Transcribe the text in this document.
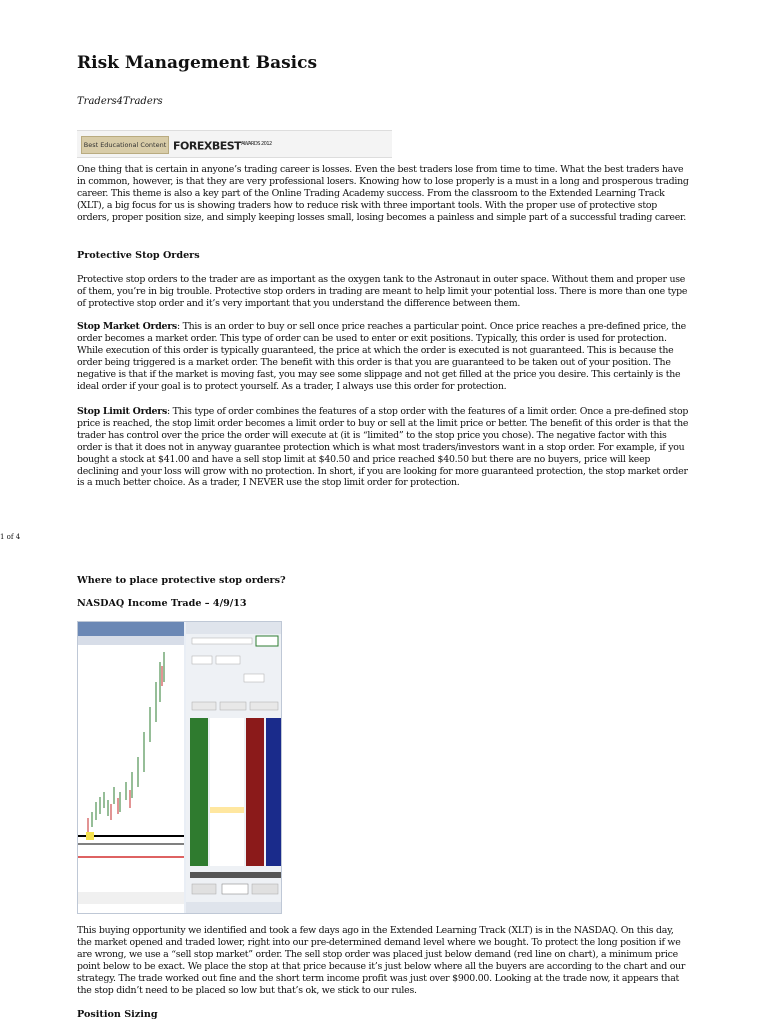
Risk Management Basics
Traders4Traders
Best Educational Content $FOREXBEST^{AWARDS 2012}$

One thing that is certain in anyone’s trading career is losses. Even the best traders lose from time to time. What the best traders have in common, however, is that they are very professional losers. Knowing how to lose properly is a must in a long and prosperous trading career. This theme is also a key part of the Online Trading Academy success. From the classroom to the Extended Learning Track (XLT), a big focus for us is showing traders how to reduce risk with three important tools. With the proper use of protective stop orders, proper position size, and simply keeping losses small, losing becomes a painless and simple part of a successful trading career.

Protective Stop Orders

Protective stop orders to the trader are as important as the oxygen tank to the Astronaut in outer space. Without them and proper use of them, you’re in big trouble. Protective stop orders in trading are meant to help limit your potential loss. There is more than one type of protective stop order and it’s very important that you understand the difference between them.

Stop Market Orders: This is an order to buy or sell once price reaches a particular point. Once price reaches a pre-defined price, the order becomes a market order. This type of order can be used to enter or exit positions. Typically, this order is used for protection. While execution of this order is typically guaranteed, the price at which the order is executed is not guaranteed. This is because the order being triggered is a market order. The benefit with this order is that you are guaranteed to be taken out of your position. The negative is that if the market is moving fast, you may see some slippage and not get filled at the price you desire. This certainly is the ideal order if your goal is to protect yourself. As a trader, I always use this order for protection.

Stop Limit Orders: This type of order combines the features of a stop order with the features of a limit order. Once a pre-defined stop price is reached, the stop limit order becomes a limit order to buy or sell at the limit price or better. The benefit of this order is that the trader has control over the price the order will execute at (it is “limited” to the stop price you chose). The negative factor with this order is that it does not in anyway guarantee protection which is what most traders/investors want in a stop order. For example, if you bought a stock at $41.00 and have a sell stop limit at $40.50 and price reached $40.50 but there are no buyers, price will keep declining and your loss will grow with no protection. In short, if you are looking for more guaranteed protection, the stop market order is a much better choice. As a trader, I NEVER use the stop limit order for protection.

1 of 4
Where to place protective stop orders?
NASDAQ Income Trade – 4/9/13

This buying opportunity we identified and took a few days ago in the Extended Learning Track (XLT) is in the NASDAQ. On this day, the market opened and traded lower, right into our pre-determined demand level where we bought. To protect the long position if we are wrong, we use a “sell stop market” order. The sell stop order was placed just below demand (red line on chart), a minimum price point below to be exact. We place the stop at that price because it’s just below where all the buyers are according to the chart and our strategy. The trade worked out fine and the short term income profit was just over $900.00. Looking at the trade now, it appears that the stop didn’t need to be placed so low but that’s ok, we stick to our rules.

Position Sizing
